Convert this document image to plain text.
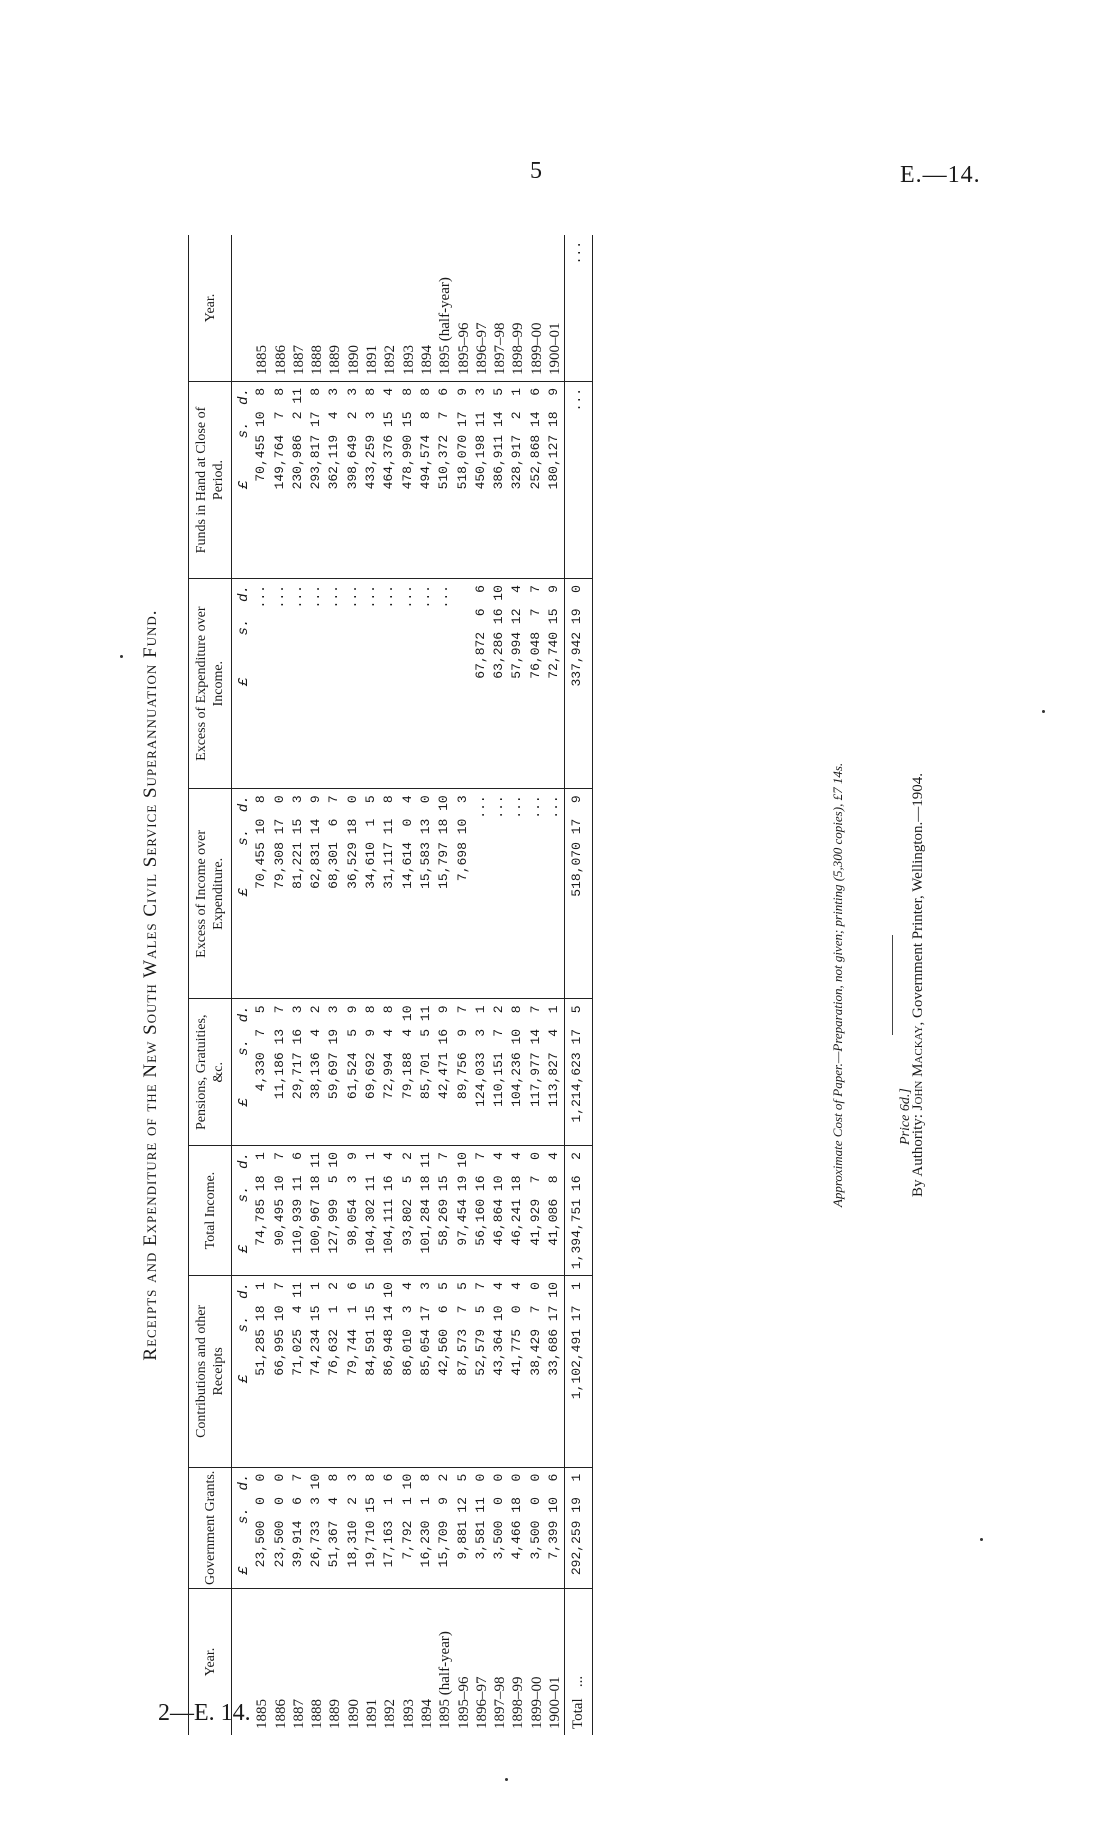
5	E.—14.
2—E. 14.
Receipts and Expenditure of the New South Wales Civil Service Superannuation Fund.
Year.	Government Grants.	Contributions and other Receipts	Total Income.	Pensions, Gratuities, &c.	Excess of Income over Expenditure.	Excess of Expenditure over Income.	Funds in Hand at Close of Period.	Year.
	£     s.  d.	£     s.  d.	£     s.  d.	£     s.  d.	£     s.  d.	£     s.  d.	£     s.  d.	
1885	23,500  0  0	51,285 18  1	74,785 18  1	4,330  7  5	70,455 10  8	...	70,455 10  8	1885
1886	23,500  0  0	66,995 10  7	90,495 10  7	11,186 13  7	79,308 17  0	...	149,764  7  8	1886
1887	39,914  6  7	71,025  4 11	110,939 11  6	29,717 16  3	81,221 15  3	...	230,986  2 11	1887
1888	26,733  3 10	74,234 15  1	100,967 18 11	38,136  4  2	62,831 14  9	...	293,817 17  8	1888
1889	51,367  4  8	76,632  1  2	127,999  5 10	59,697 19  3	68,301  6  7	...	362,119  4  3	1889
1890	18,310  2  3	79,744  1  6	98,054  3  9	61,524  5  9	36,529 18  0	...	398,649  2  3	1890
1891	19,710 15  8	84,591 15  5	104,302 11  1	69,692  9  8	34,610  1  5	...	433,259  3  8	1891
1892	17,163  1  6	86,948 14 10	104,111 16  4	72,994  4  8	31,117 11  8	...	464,376 15  4	1892
1893	7,792  1 10	86,010  3  4	93,802  5  2	79,188  4 10	14,614  0  4	...	478,990 15  8	1893
1894	16,230  1  8	85,054 17  3	101,284 18 11	85,701  5 11	15,583 13  0	...	494,574  8  8	1894
1895 (half-year)	15,709  9  2	42,560  6  5	58,269 15  7	42,471 16  9	15,797 18 10	...	510,372  7  6	1895 (half-year)
1895–96	9,881 12  5	87,573  7  5	97,454 19 10	89,756  9  7	7,698 10  3		518,070 17  9	1895–96
1896–97	3,581 11  0	52,579  5  7	56,160 16  7	124,033  3  1	...	67,872  6  6	450,198 11  3	1896–97
1897–98	3,500  0  0	43,364 10  4	46,864 10  4	110,151  7  2	...	63,286 16 10	386,911 14  5	1897–98
1898–99	4,466 18  0	41,775  0  4	46,241 18  4	104,236 10  8	...	57,994 12  4	328,917  2  1	1898–99
1899–00	3,500  0  0	38,429  7  0	41,929  7  0	117,977 14  7	...	76,048  7  7	252,868 14  6	1899–00
1900–01	7,399 10  6	33,686 17 10	41,086  8  4	113,827  4  1	...	72,740 15  9	180,127 18  9	1900–01
Total   ...	292,259 19  1	1,102,491 17  1	1,394,751 16  2	1,214,623 17  5	518,070 17  9	337,942 19  0	...	...
Approximate Cost of Paper.—Preparation, not given; printing (5,300 copies), £7 14s.	By Authority: John Mackay, Government Printer, Wellington.—1904.
Price 6d.]
